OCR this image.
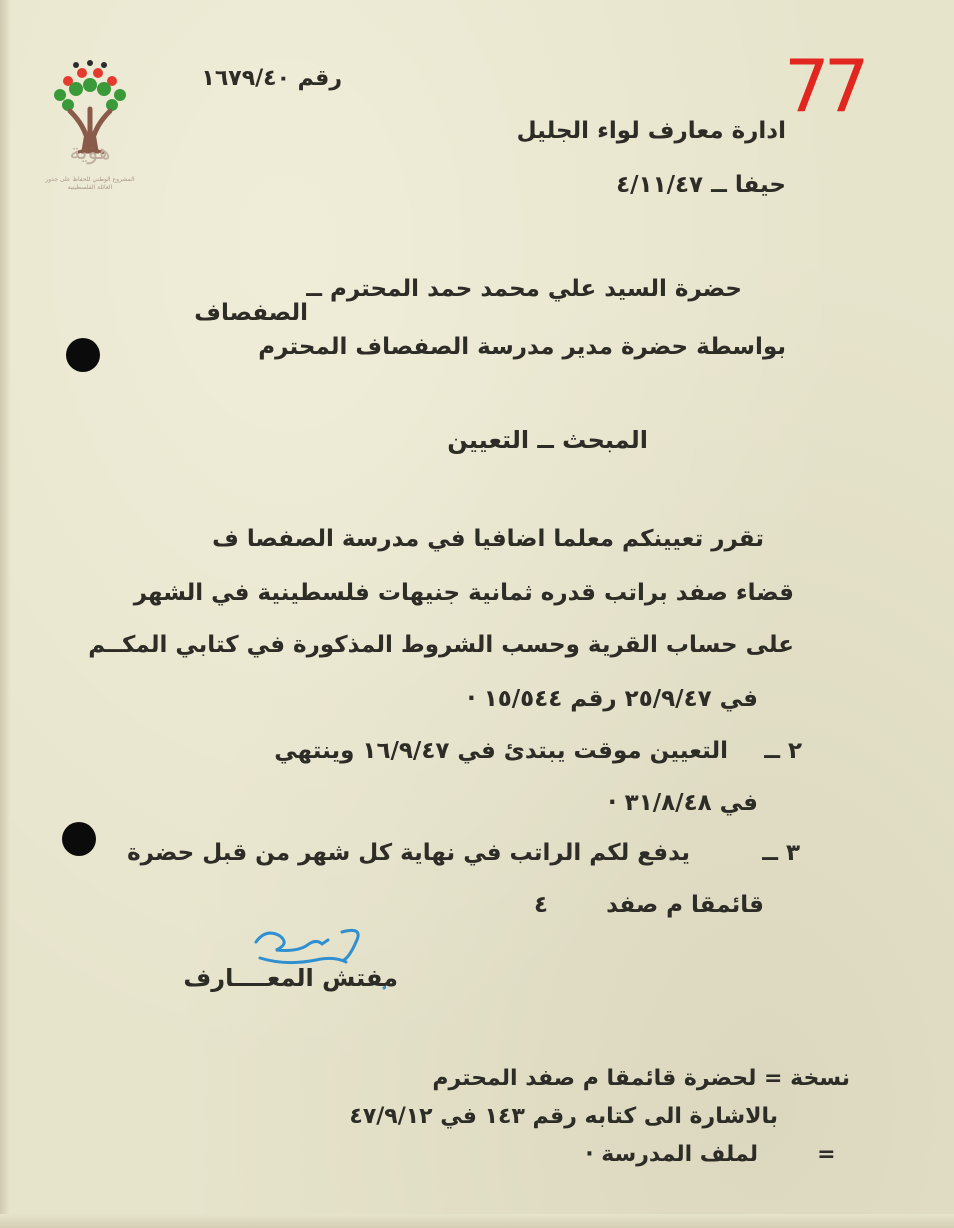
هوية
المشروع الوطني للحفاظ على جذور العائلة الفلسطينية
77
رقم ١٦٧٩/٤٠
ادارة معارف لواء الجليل
حيفا ــ ٤/١١/٤٧
حضرة السيد علي محمد حمد المحترم ــ
الصفصاف
بواسطة حضرة مدير مدرسة الصفصاف المحترم
المبحث ــ التعيين
تقرر تعيينكم معلما اضافيا في مدرسة الصفصا ف
قضاء صفد براتب قدره ثمانية جنيهات فلسطينية في الشهر
على حساب القرية وحسب الشروط المذكورة في كتابي المكــم
في ٢٥/٩/٤٧ رقم ١٥/٥٤٤ ·
٢ ــ
التعيين موقت يبتدئ في ١٦/٩/٤٧ وينتهي
في ٣١/٨/٤٨ ·
٣ ــ
يدفع لكم الراتب في نهاية كل شهر من قبل حضرة
قائمقا م صفد
٤
مفتش المعــــارف
نسخة = لحضرة قائمقا م صفد المحترم
بالاشارة الى كتابه رقم ١٤٣ في ٤٧/٩/١٢
=
لملف المدرسة ·
